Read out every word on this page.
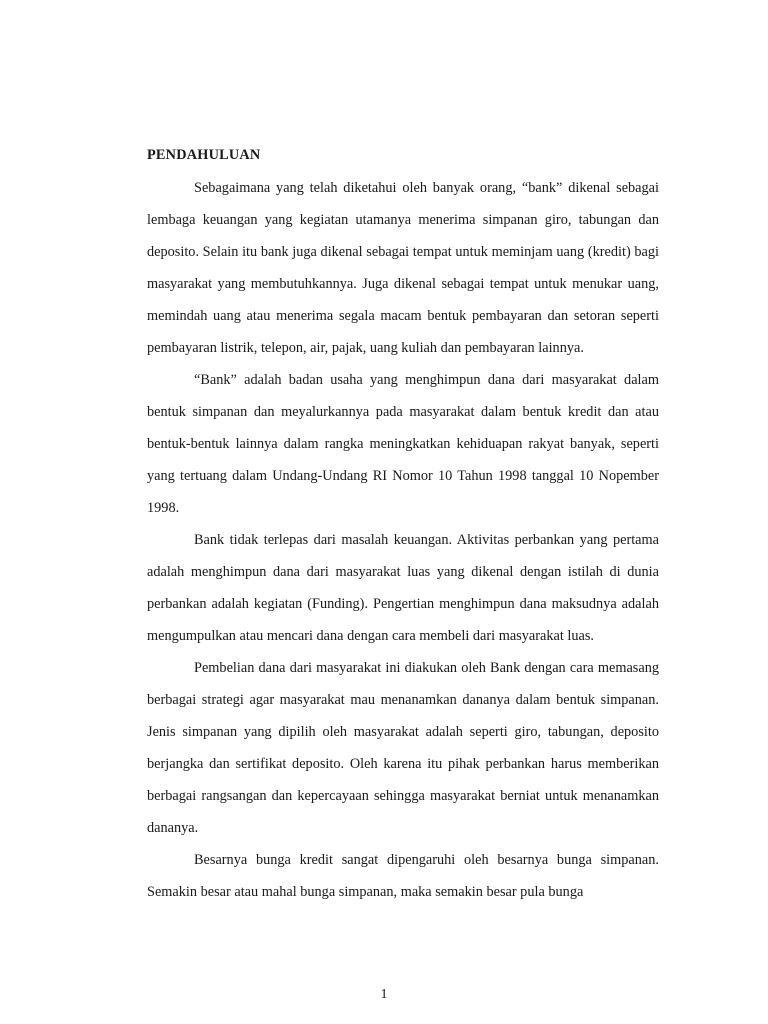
PENDAHULUAN

Sebagaimana yang telah diketahui oleh banyak orang, “bank” dikenal sebagai lembaga keuangan yang kegiatan utamanya menerima simpanan giro, tabungan dan deposito. Selain itu bank juga dikenal sebagai tempat untuk meminjam uang (kredit) bagi masyarakat yang membutuhkannya. Juga dikenal sebagai tempat untuk menukar uang, memindah uang atau menerima segala macam bentuk pembayaran dan setoran seperti pembayaran listrik, telepon, air, pajak, uang kuliah dan pembayaran lainnya.

“Bank” adalah badan usaha yang menghimpun dana dari masyarakat dalam bentuk simpanan dan meyalurkannya pada masyarakat dalam bentuk kredit dan atau bentuk-bentuk lainnya dalam rangka meningkatkan kehiduapan rakyat banyak, seperti yang tertuang dalam Undang-Undang RI Nomor 10 Tahun 1998 tanggal 10 Nopember 1998.

Bank tidak terlepas dari masalah keuangan. Aktivitas perbankan yang pertama adalah menghimpun dana dari masyarakat luas yang dikenal dengan istilah di dunia perbankan adalah kegiatan (Funding). Pengertian menghimpun dana maksudnya adalah mengumpulkan atau mencari dana dengan cara membeli dari masyarakat luas.

Pembelian dana dari masyarakat ini diakukan oleh Bank dengan cara memasang berbagai strategi agar masyarakat mau menanamkan dananya dalam bentuk simpanan. Jenis simpanan yang dipilih oleh masyarakat adalah seperti giro, tabungan, deposito berjangka dan sertifikat deposito. Oleh karena itu pihak perbankan harus memberikan berbagai rangsangan dan kepercayaan sehingga masyarakat berniat untuk menanamkan dananya.

Besarnya bunga kredit sangat dipengaruhi oleh besarnya bunga simpanan. Semakin besar atau mahal bunga simpanan, maka semakin besar pula bunga

1
